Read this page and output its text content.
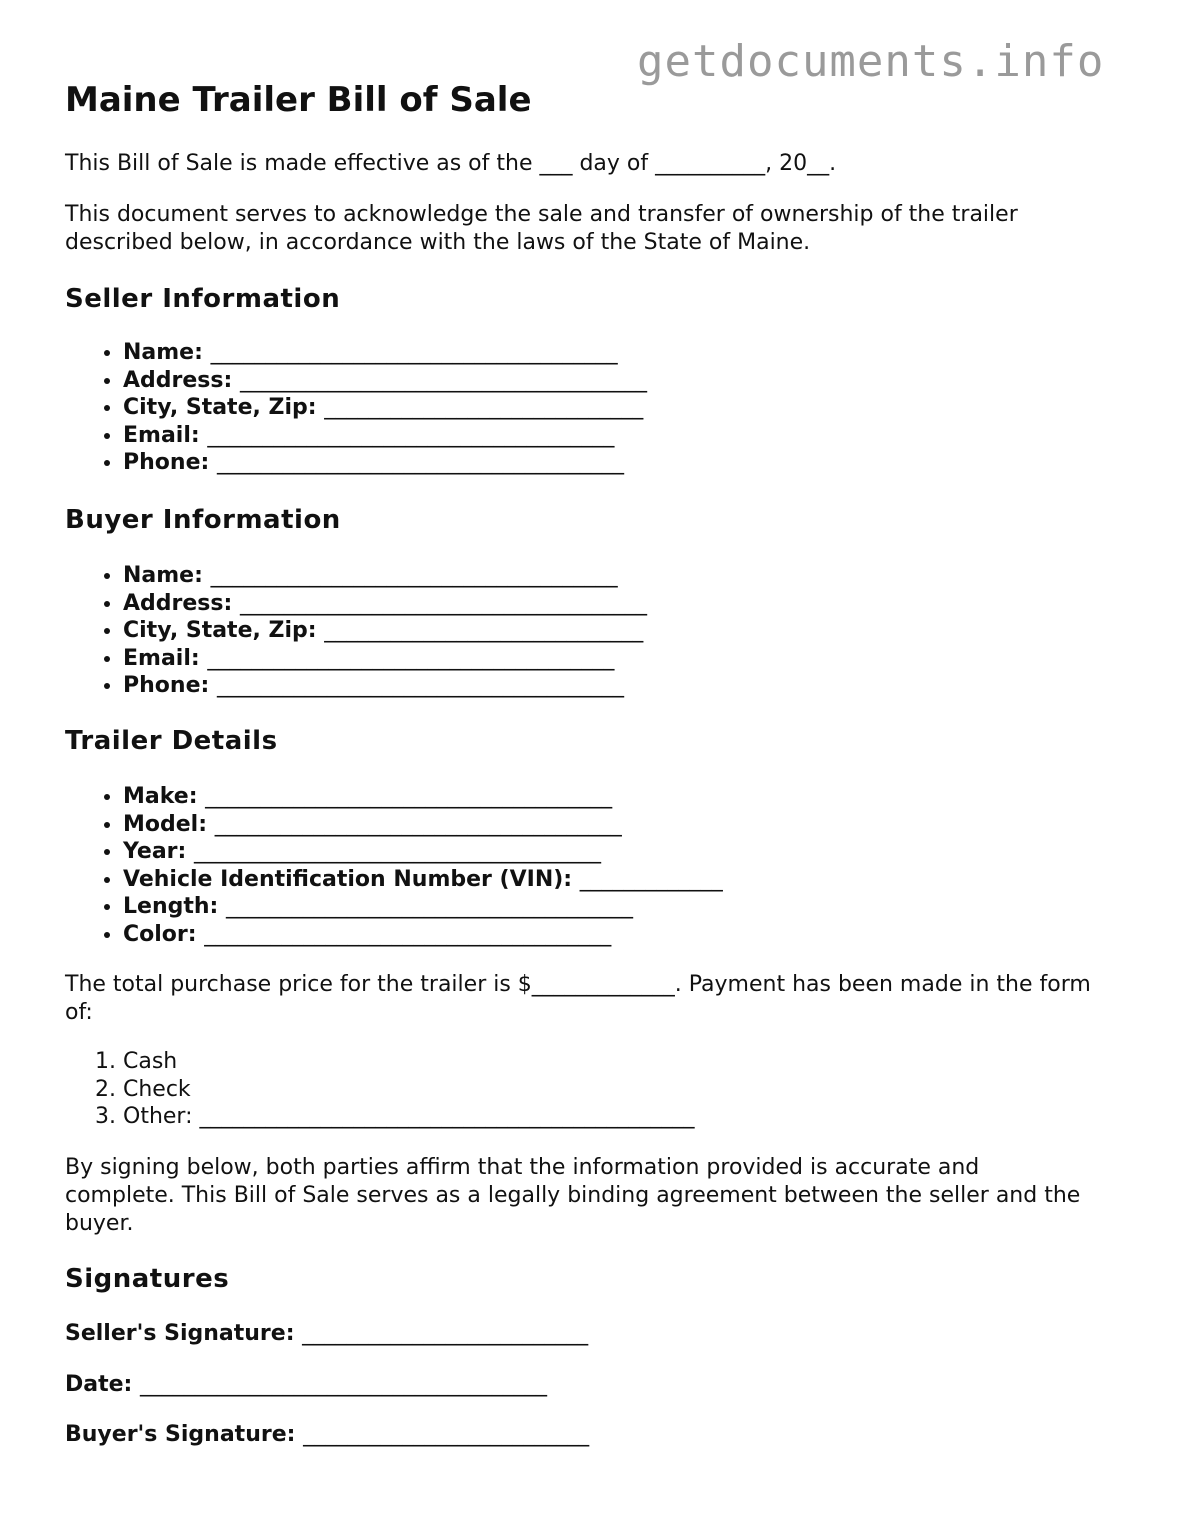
getdocuments.info
Maine Trailer Bill of Sale

This Bill of Sale is made effective as of the ___ day of __________, 20__.

This document serves to acknowledge the sale and transfer of ownership of the trailer described below, in accordance with the laws of the State of Maine.

Seller Information
• Name: _____________________________________
• Address: _____________________________________
• City, State, Zip: _____________________________
• Email: _____________________________________
• Phone: _____________________________________
Buyer Information
• Name: _____________________________________
• Address: _____________________________________
• City, State, Zip: _____________________________
• Email: _____________________________________
• Phone: _____________________________________
Trailer Details
• Make: _____________________________________
• Model: _____________________________________
• Year: _____________________________________
• Vehicle Identification Number (VIN): _____________
• Length: _____________________________________
• Color: _____________________________________

The total purchase price for the trailer is $_____________. Payment has been made in the form of:

1. Cash
2. Check
3. Other: _____________________________________________

By signing below, both parties affirm that the information provided is accurate and complete. This Bill of Sale serves as a legally binding agreement between the seller and the buyer.

Signatures

Seller's Signature: __________________________

Date: _____________________________________

Buyer's Signature: __________________________
